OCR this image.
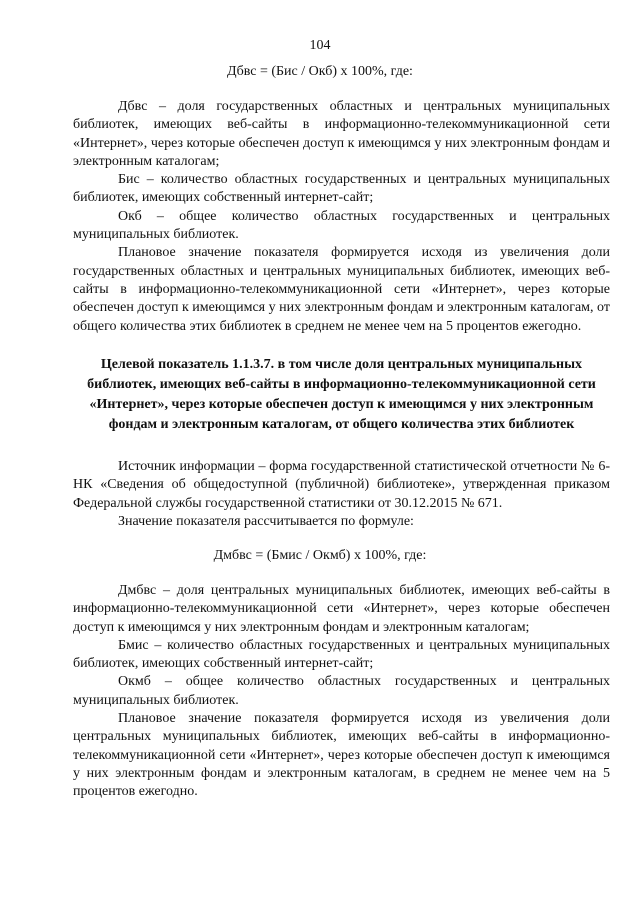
104
Дбвс = (Бис / Окб) х 100%, где:

Дбвс – доля государственных областных и центральных муниципальных библиотек, имеющих веб-сайты в информационно-телекоммуникационной сети «Интернет», через которые обеспечен доступ к имеющимся у них электронным фондам и электронным каталогам;

Бис – количество областных государственных и центральных муниципальных библиотек, имеющих собственный интернет-сайт;

Окб – общее количество областных государственных и центральных муниципальных библиотек.

Плановое значение показателя формируется исходя из увеличения доли государственных областных и центральных муниципальных библиотек, имеющих веб-сайты в информационно-телекоммуникационной сети «Интернет», через которые обеспечен доступ к имеющимся у них электронным фондам и электронным каталогам, от общего количества этих библиотек в среднем не менее чем на 5 процентов ежегодно.

Целевой показатель 1.1.3.7. в том числе доля центральных муниципальных библиотек, имеющих веб-сайты в информационно-телекоммуникационной сети «Интернет», через которые обеспечен доступ к имеющимся у них электронным фондам и электронным каталогам, от общего количества этих библиотек

Источник информации – форма государственной статистической отчетности № 6-НК «Сведения об общедоступной (публичной) библиотеке», утвержденная приказом Федеральной службы государственной статистики от 30.12.2015 № 671.

Значение показателя рассчитывается по формуле:

Дмбвс = (Бмис / Окмб) х 100%, где:

Дмбвс – доля центральных муниципальных библиотек, имеющих веб-сайты в информационно-телекоммуникационной сети «Интернет», через которые обеспечен доступ к имеющимся у них электронным фондам и электронным каталогам;

Бмис – количество областных государственных и центральных муниципальных библиотек, имеющих собственный интернет-сайт;

Окмб – общее количество областных государственных и центральных муниципальных библиотек.

Плановое значение показателя формируется исходя из увеличения доли центральных муниципальных библиотек, имеющих веб-сайты в информационно-телекоммуникационной сети «Интернет», через которые обеспечен доступ к имеющимся у них электронным фондам и электронным каталогам, в среднем не менее чем на 5 процентов ежегодно.
